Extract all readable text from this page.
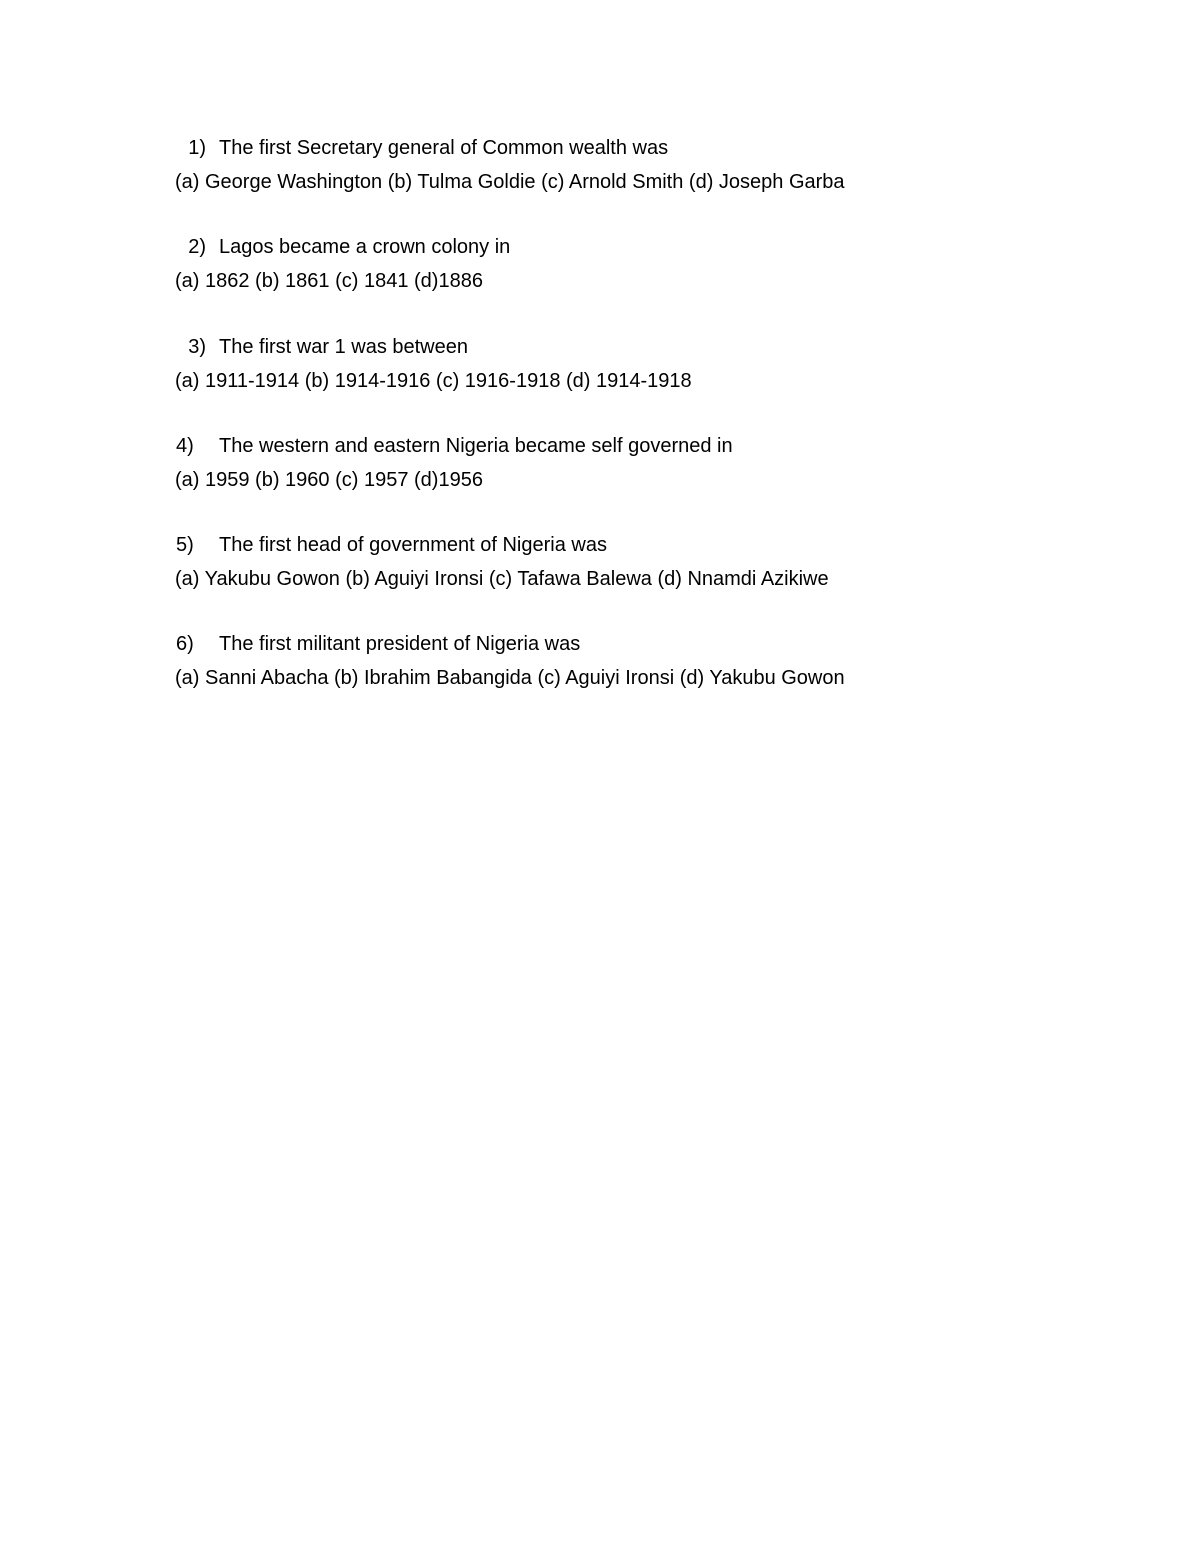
1) The first Secretary general of Common wealth was
(a) George Washington (b) Tulma Goldie (c) Arnold Smith (d) Joseph Garba
2) Lagos became a crown colony in
(a) 1862 (b) 1861 (c) 1841 (d)1886
3) The first war 1 was between
(a) 1911-1914 (b) 1914-1916 (c) 1916-1918 (d) 1914-1918
4) The western and eastern Nigeria became self governed in
(a) 1959 (b) 1960 (c) 1957 (d)1956
5) The first head of government of Nigeria was
(a) Yakubu Gowon (b) Aguiyi Ironsi (c) Tafawa Balewa (d) Nnamdi Azikiwe
6) The first militant president of Nigeria was
(a) Sanni Abacha (b) Ibrahim Babangida (c) Aguiyi Ironsi (d) Yakubu Gowon
